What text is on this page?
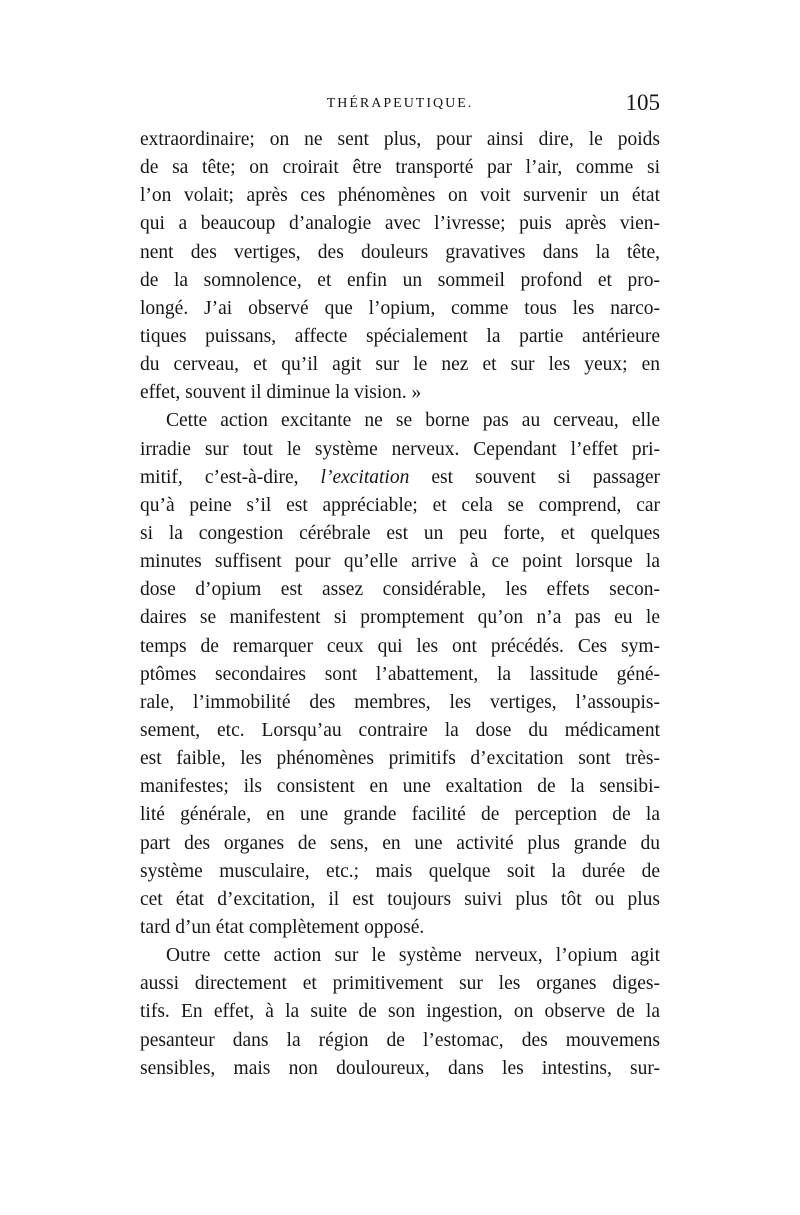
THÉRAPEUTIQUE.	105
extraordinaire; on ne sent plus, pour ainsi dire, le poids
de sa tête; on croirait être transporté par l’air, comme si
l’on volait; après ces phénomènes on voit survenir un état
qui a beaucoup d’analogie avec l’ivresse; puis après vien-
nent des vertiges, des douleurs gravatives dans la tête,
de la somnolence, et enfin un sommeil profond et pro-
longé. J’ai observé que l’opium, comme tous les narco-
tiques puissans, affecte spécialement la partie antérieure
du cerveau, et qu’il agit sur le nez et sur les yeux; en
effet, souvent il diminue la vision. »
Cette action excitante ne se borne pas au cerveau, elle
irradie sur tout le système nerveux. Cependant l’effet pri-
mitif, c’est-à-dire, l’excitation est souvent si passager
qu’à peine s’il est appréciable; et cela se comprend, car
si la congestion cérébrale est un peu forte, et quelques
minutes suffisent pour qu’elle arrive à ce point lorsque la
dose d’opium est assez considérable, les effets secon-
daires se manifestent si promptement qu’on n’a pas eu le
temps de remarquer ceux qui les ont précédés. Ces sym-
ptômes secondaires sont l’abattement, la lassitude géné-
rale, l’immobilité des membres, les vertiges, l’assoupis-
sement, etc. Lorsqu’au contraire la dose du médicament
est faible, les phénomènes primitifs d’excitation sont très-
manifestes; ils consistent en une exaltation de la sensibi-
lité générale, en une grande facilité de perception de la
part des organes de sens, en une activité plus grande du
système musculaire, etc.; mais quelque soit la durée de
cet état d’excitation, il est toujours suivi plus tôt ou plus
tard d’un état complètement opposé.
Outre cette action sur le système nerveux, l’opium agit
aussi directement et primitivement sur les organes diges-
tifs. En effet, à la suite de son ingestion, on observe de la
pesanteur dans la région de l’estomac, des mouvemens
sensibles, mais non douloureux, dans les intestins, sur-
